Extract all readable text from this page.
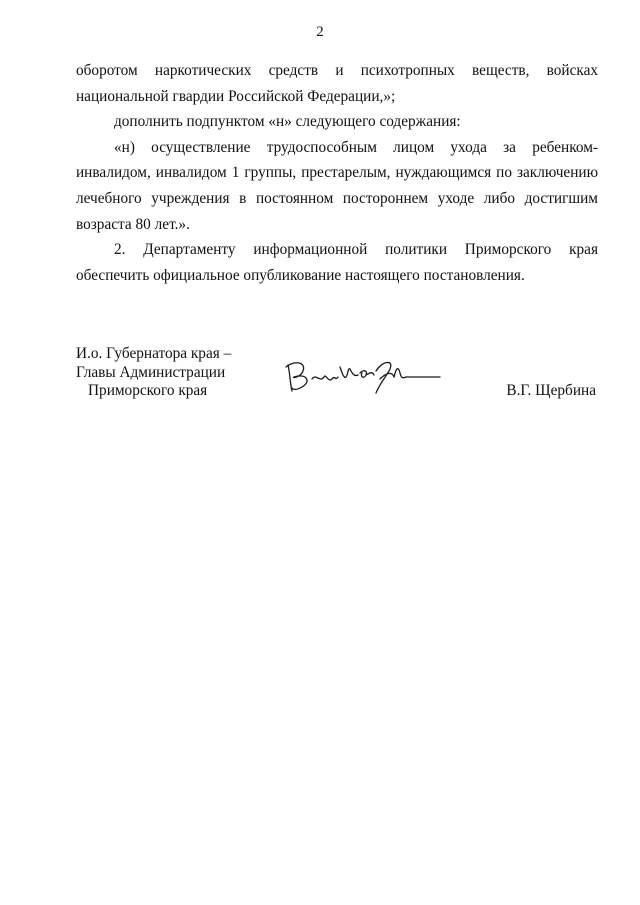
2

оборотом наркотических средств и психотропных веществ, войсках
национальной гвардии Российской Федерации,»;

дополнить подпунктом «н» следующего содержания:

«н) осуществление трудоспособным лицом ухода за ребенком-инвалидом, инвалидом 1 группы, престарелым, нуждающимся по заключению лечебного учреждения в постоянном постороннем уходе либо достигшим возраста 80 лет.».

2. Департаменту информационной политики Приморского края обеспечить официальное опубликование настоящего постановления.

И.о. Губернатора края –
Главы Администрации
Приморского края	В.Г. Щербина
